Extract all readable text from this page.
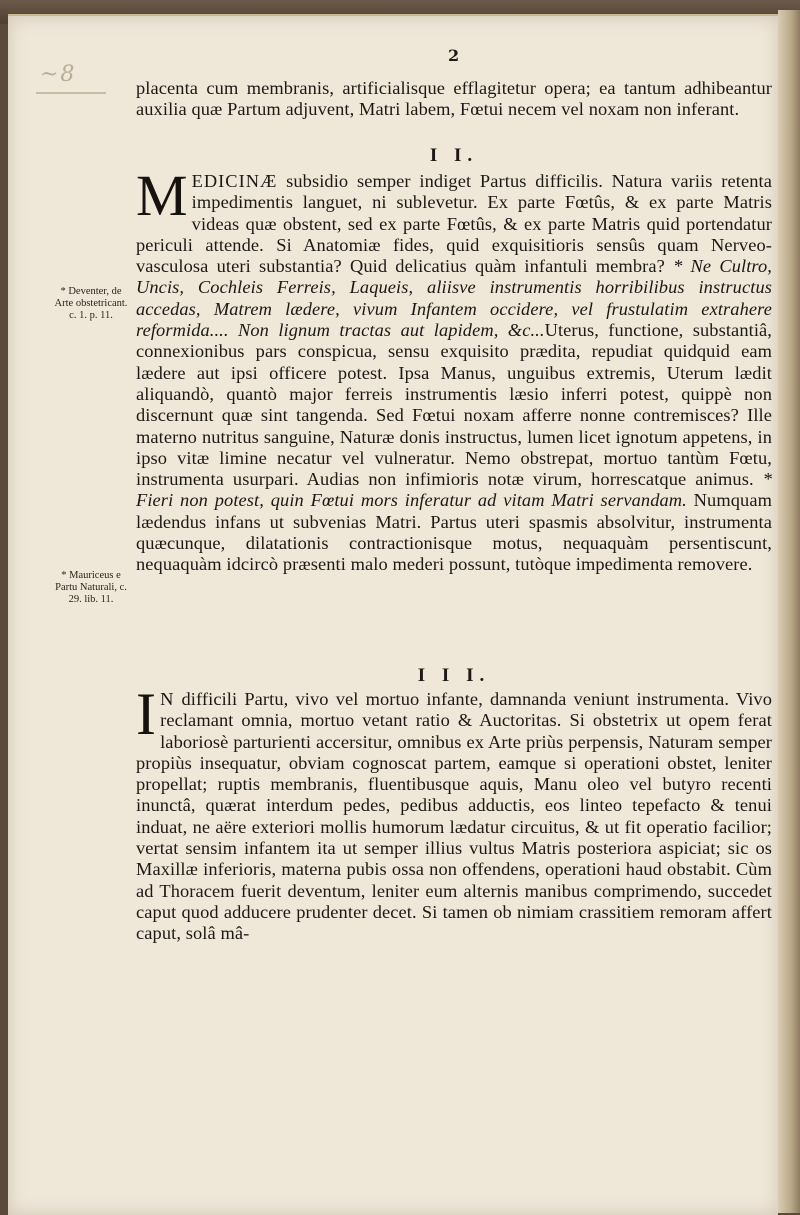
~8
2
placenta cum membranis, artificialisque efflagitetur opera; ea tantum adhibeantur auxilia quæ Partum adjuvent, Matri labem, Fœtui necem vel noxam non inferant.
I I.
MEDICINÆ subsidio semper indiget Partus difficilis. Natura variis retenta impedimentis languet, ni sublevetur. Ex parte Fœtûs, & ex parte Matris videas quæ obstent, sed ex parte Fœtûs, & ex parte Matris quid portendatur periculi attende. Si Anatomiæ fides, quid exquisitioris sensûs quam Nerveo-vasculosa uteri substantia? Quid delicatius quàm infantuli membra? * Ne Cultro, Uncis, Cochleis Ferreis, Laqueis, aliisve instrumentis horribilibus instructus accedas, Matrem lædere, vivum Infantem occidere, vel frustulatim extrahere reformida.... Non lignum tractas aut lapidem, &c...Uterus, functione, substantiâ, connexionibus pars conspicua, sensu exquisito prædita, repudiat quidquid eam lædere aut ipsi officere potest. Ipsa Manus, unguibus extremis, Uterum lædit aliquandò, quantò major ferreis instrumentis læsio inferri potest, quippè non discernunt quæ sint tangenda. Sed Fœtui noxam afferre nonne contremisces? Ille materno nutritus sanguine, Naturæ donis instructus, lumen licet ignotum appetens, in ipso vitæ limine necatur vel vulneratur. Nemo obstrepat, mortuo tantùm Fœtu, instrumenta usurpari. Audias non infimioris notæ virum, horrescatque animus. * Fieri non potest, quin Fœtui mors inferatur ad vitam Matri servandam. Numquam lædendus infans ut subvenias Matri. Partus uteri spasmis absolvitur, instrumenta quæcunque, dilatationis contractionisque motus, nequaquàm persentiscunt, nequaquàm idcircò præsenti malo mederi possunt, tutòque impedimenta removere.
* Deventer, de Arte obstetricant. c. 1. p. 11.
* Mauriceus e Partu Naturali, c. 29. lib. 11.
I I I.
I N difficili Partu, vivo vel mortuo infante, damnanda veniunt instrumenta. Vivo reclamant omnia, mortuo vetant ratio & Auctoritas. Si obstetrix ut opem ferat laboriosè parturienti accersitur, omnibus ex Arte priùs perpensis, Naturam semper propiùs insequatur, obviam cognoscat partem, eamque si operationi obstet, leniter propellat; ruptis membranis, fluentibusque aquis, Manu oleo vel butyro recenti inunctâ, quærat interdum pedes, pedibus adductis, eos linteo tepefacto & tenui induat, ne aëre exteriori mollis humorum lædatur circuitus, & ut fit operatio facilior; vertat sensim infantem ita ut semper illius vultus Matris posteriora aspiciat; sic os Maxillæ inferioris, materna pubis ossa non offendens, operationi haud obstabit. Cùm ad Thoracem fuerit deventum, leniter eum alternis manibus comprimendo, succedet caput quod adducere prudenter decet. Si tamen ob nimiam crassitiem remoram affert caput, solâ mâ-
